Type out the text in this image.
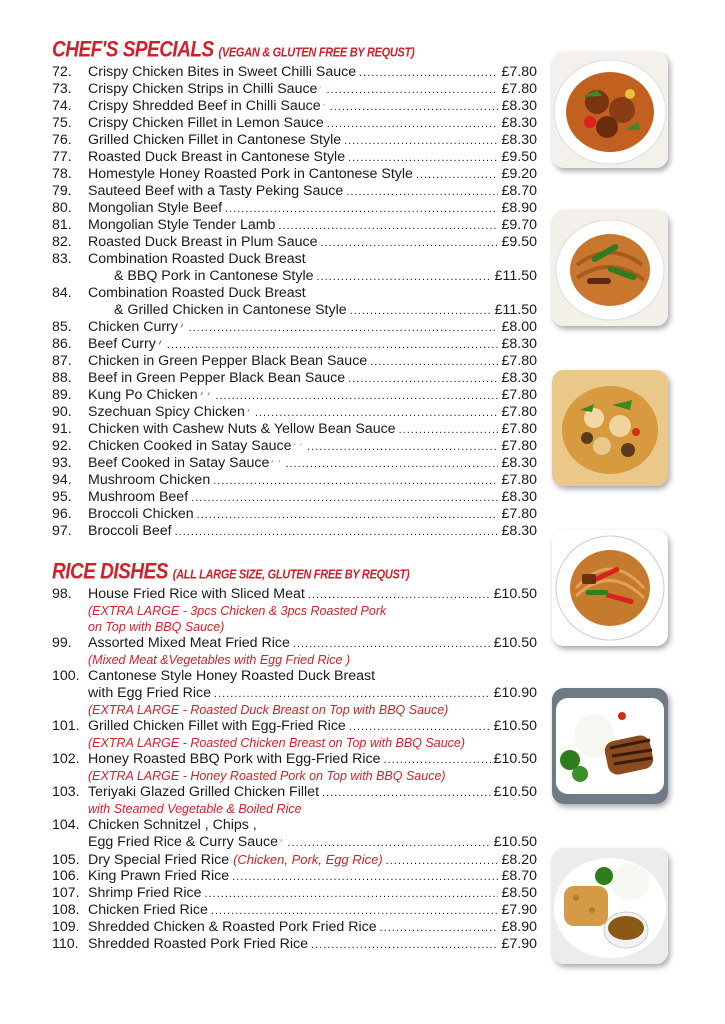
CHEF'S SPECIALS (VEGAN & GLUTEN FREE BY REQUST)
72.	Crispy Chicken Bites in Sweet Chilli Sauce .....	£7.80
73.	Crispy Chicken Strips in Chilli Sauce .....	£7.80
74.	Crispy Shredded Beef in Chilli Sauce .....	£8.30
75.	Crispy Chicken Fillet in Lemon Sauce .....	£8.30
76.	Grilled Chicken Fillet in Cantonese Style .....	£8.30
77.	Roasted Duck Breast in Cantonese Style .....	£9.50
78.	Homestyle Honey Roasted Pork in Cantonese Style .....	£9.20
79.	Sauteed Beef with a Tasty Peking Sauce .....	£8.70
80.	Mongolian Style Beef .....	£8.90
81.	Mongolian Style Tender Lamb .....	£9.70
82.	Roasted Duck Breast in Plum Sauce .....	£9.50
83.	Combination Roasted Duck Breast
& BBQ Pork in Cantonese Style .....	£11.50
84.	Combination Roasted Duck Breast
& Grilled Chicken in Cantonese Style .....	£11.50
85.	Chicken Curry .....	£8.00
86.	Beef Curry .....	£8.30
87.	Chicken in Green Pepper Black Bean Sauce .....	£7.80
88.	Beef in Green Pepper Black Bean Sauce .....	£8.30
89.	Kung Po Chicken .....	£7.80
90.	Szechuan Spicy Chicken .....	£7.80
91.	Chicken with Cashew Nuts & Yellow Bean Sauce .....	£7.80
92.	Chicken Cooked in Satay Sauce .....	£7.80
93.	Beef Cooked in Satay Sauce .....	£8.30
94.	Mushroom Chicken .....	£7.80
95.	Mushroom Beef .....	£8.30
96.	Broccoli Chicken .....	£7.80
97.	Broccoli Beef .....	£8.30
RICE DISHES (ALL LARGE SIZE, GLUTEN FREE BY REQUST)
98.	House Fried Rice with Sliced Meat .....	£10.50
(EXTRA LARGE - 3pcs Chicken & 3pcs Roasted Pork
on Top with BBQ Sauce)
99.	Assorted Mixed Meat Fried Rice .....	£10.50
(Mixed Meat &Vegetables with Egg Fried Rice )
100. Cantonese Style Honey Roasted Duck Breast
with Egg Fried Rice .....	£10.90
(EXTRA LARGE - Roasted Duck Breast on Top with BBQ Sauce)
101. Grilled Chicken Fillet with Egg-Fried Rice .....	£10.50
(EXTRA LARGE - Roasted Chicken Breast on Top with BBQ Sauce)
102. Honey Roasted BBQ Pork with Egg-Fried Rice .....	£10.50
(EXTRA LARGE - Honey Roasted Pork on Top with BBQ Sauce)
103. Teriyaki Glazed Grilled Chicken Fillet .....	£10.50
with Steamed Vegetable & Boiled Rice
104. Chicken Schnitzel , Chips ,
Egg Fried Rice & Curry Sauce .....	£10.50
105. Dry Special Fried Rice
(Chicken, Pork, Egg Rice) .....	£8.20
106. King Prawn Fried Rice .....	£8.70
107. Shrimp Fried Rice .....	£8.50
108. Chicken Fried Rice .....	£7.90
109. Shredded Chicken & Roasted Pork Fried Rice .....	£8.90
110. Shredded Roasted Pork Fried Rice .....	£7.90
